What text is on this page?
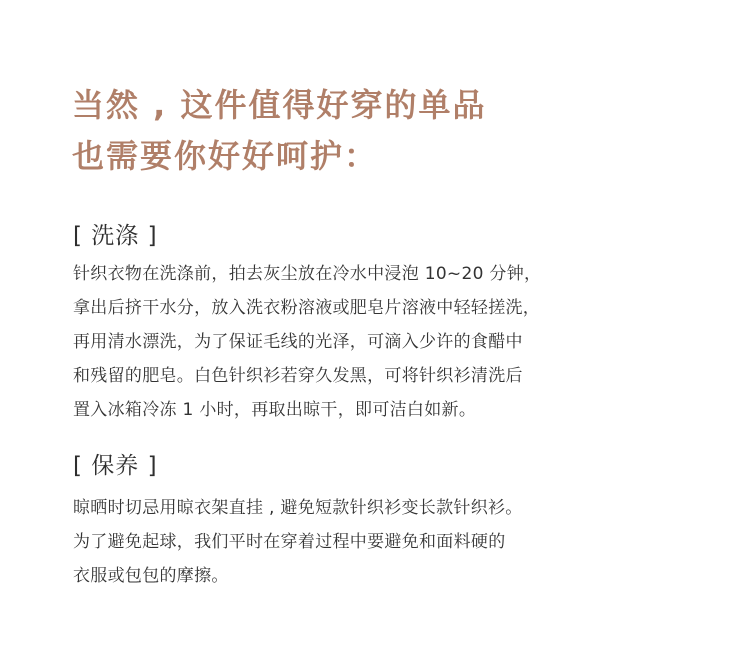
当然 , 这件值得好穿的单品
也需要你好好呵护：
[ 洗涤 ]
针织衣物在洗涤前，拍去灰尘放在冷水中浸泡 10~20 分钟，
拿出后挤干水分，放入洗衣粉溶液或肥皂片溶液中轻轻搓洗，
再用清水漂洗，为了保证毛线的光泽，可滴入少许的食醋中
和残留的肥皂。白色针织衫若穿久发黑，可将针织衫清洗后
置入冰箱冷冻 1 小时，再取出晾干，即可洁白如新。
[ 保养 ]
晾晒时切忌用晾衣架直挂 , 避免短款针织衫变长款针织衫。
为了避免起球，我们平时在穿着过程中要避免和面料硬的
衣服或包包的摩擦。
